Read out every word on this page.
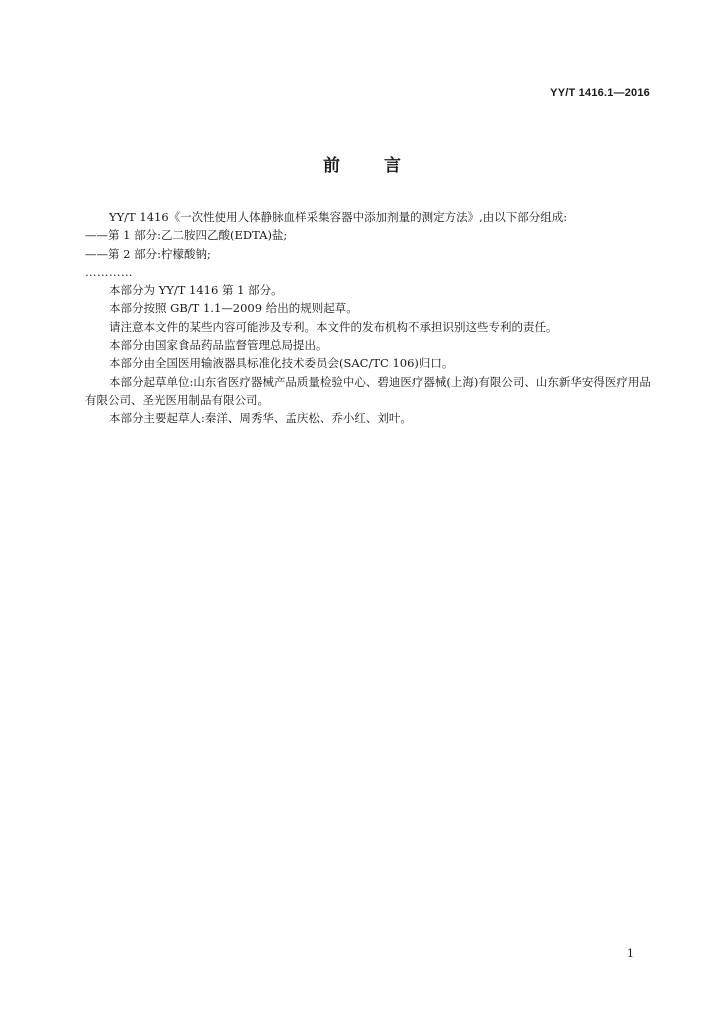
YY/T 1416.1—2016

前言

YY/T 1416《一次性使用人体静脉血样采集容器中添加剂量的测定方法》,由以下部分组成:

——第 1 部分:乙二胺四乙酸(EDTA)盐;

——第 2 部分:柠檬酸钠;

…………

本部分为 YY/T 1416 第 1 部分。

本部分按照 GB/T 1.1—2009 给出的规则起草。

请注意本文件的某些内容可能涉及专利。本文件的发布机构不承担识别这些专利的责任。

本部分由国家食品药品监督管理总局提出。

本部分由全国医用输液器具标准化技术委员会(SAC/TC 106)归口。

本部分起草单位:山东省医疗器械产品质量检验中心、碧迪医疗器械(上海)有限公司、山东新华安得医疗用品有限公司、圣光医用制品有限公司。

本部分主要起草人:秦洋、周秀华、孟庆松、乔小红、刘叶。

1
